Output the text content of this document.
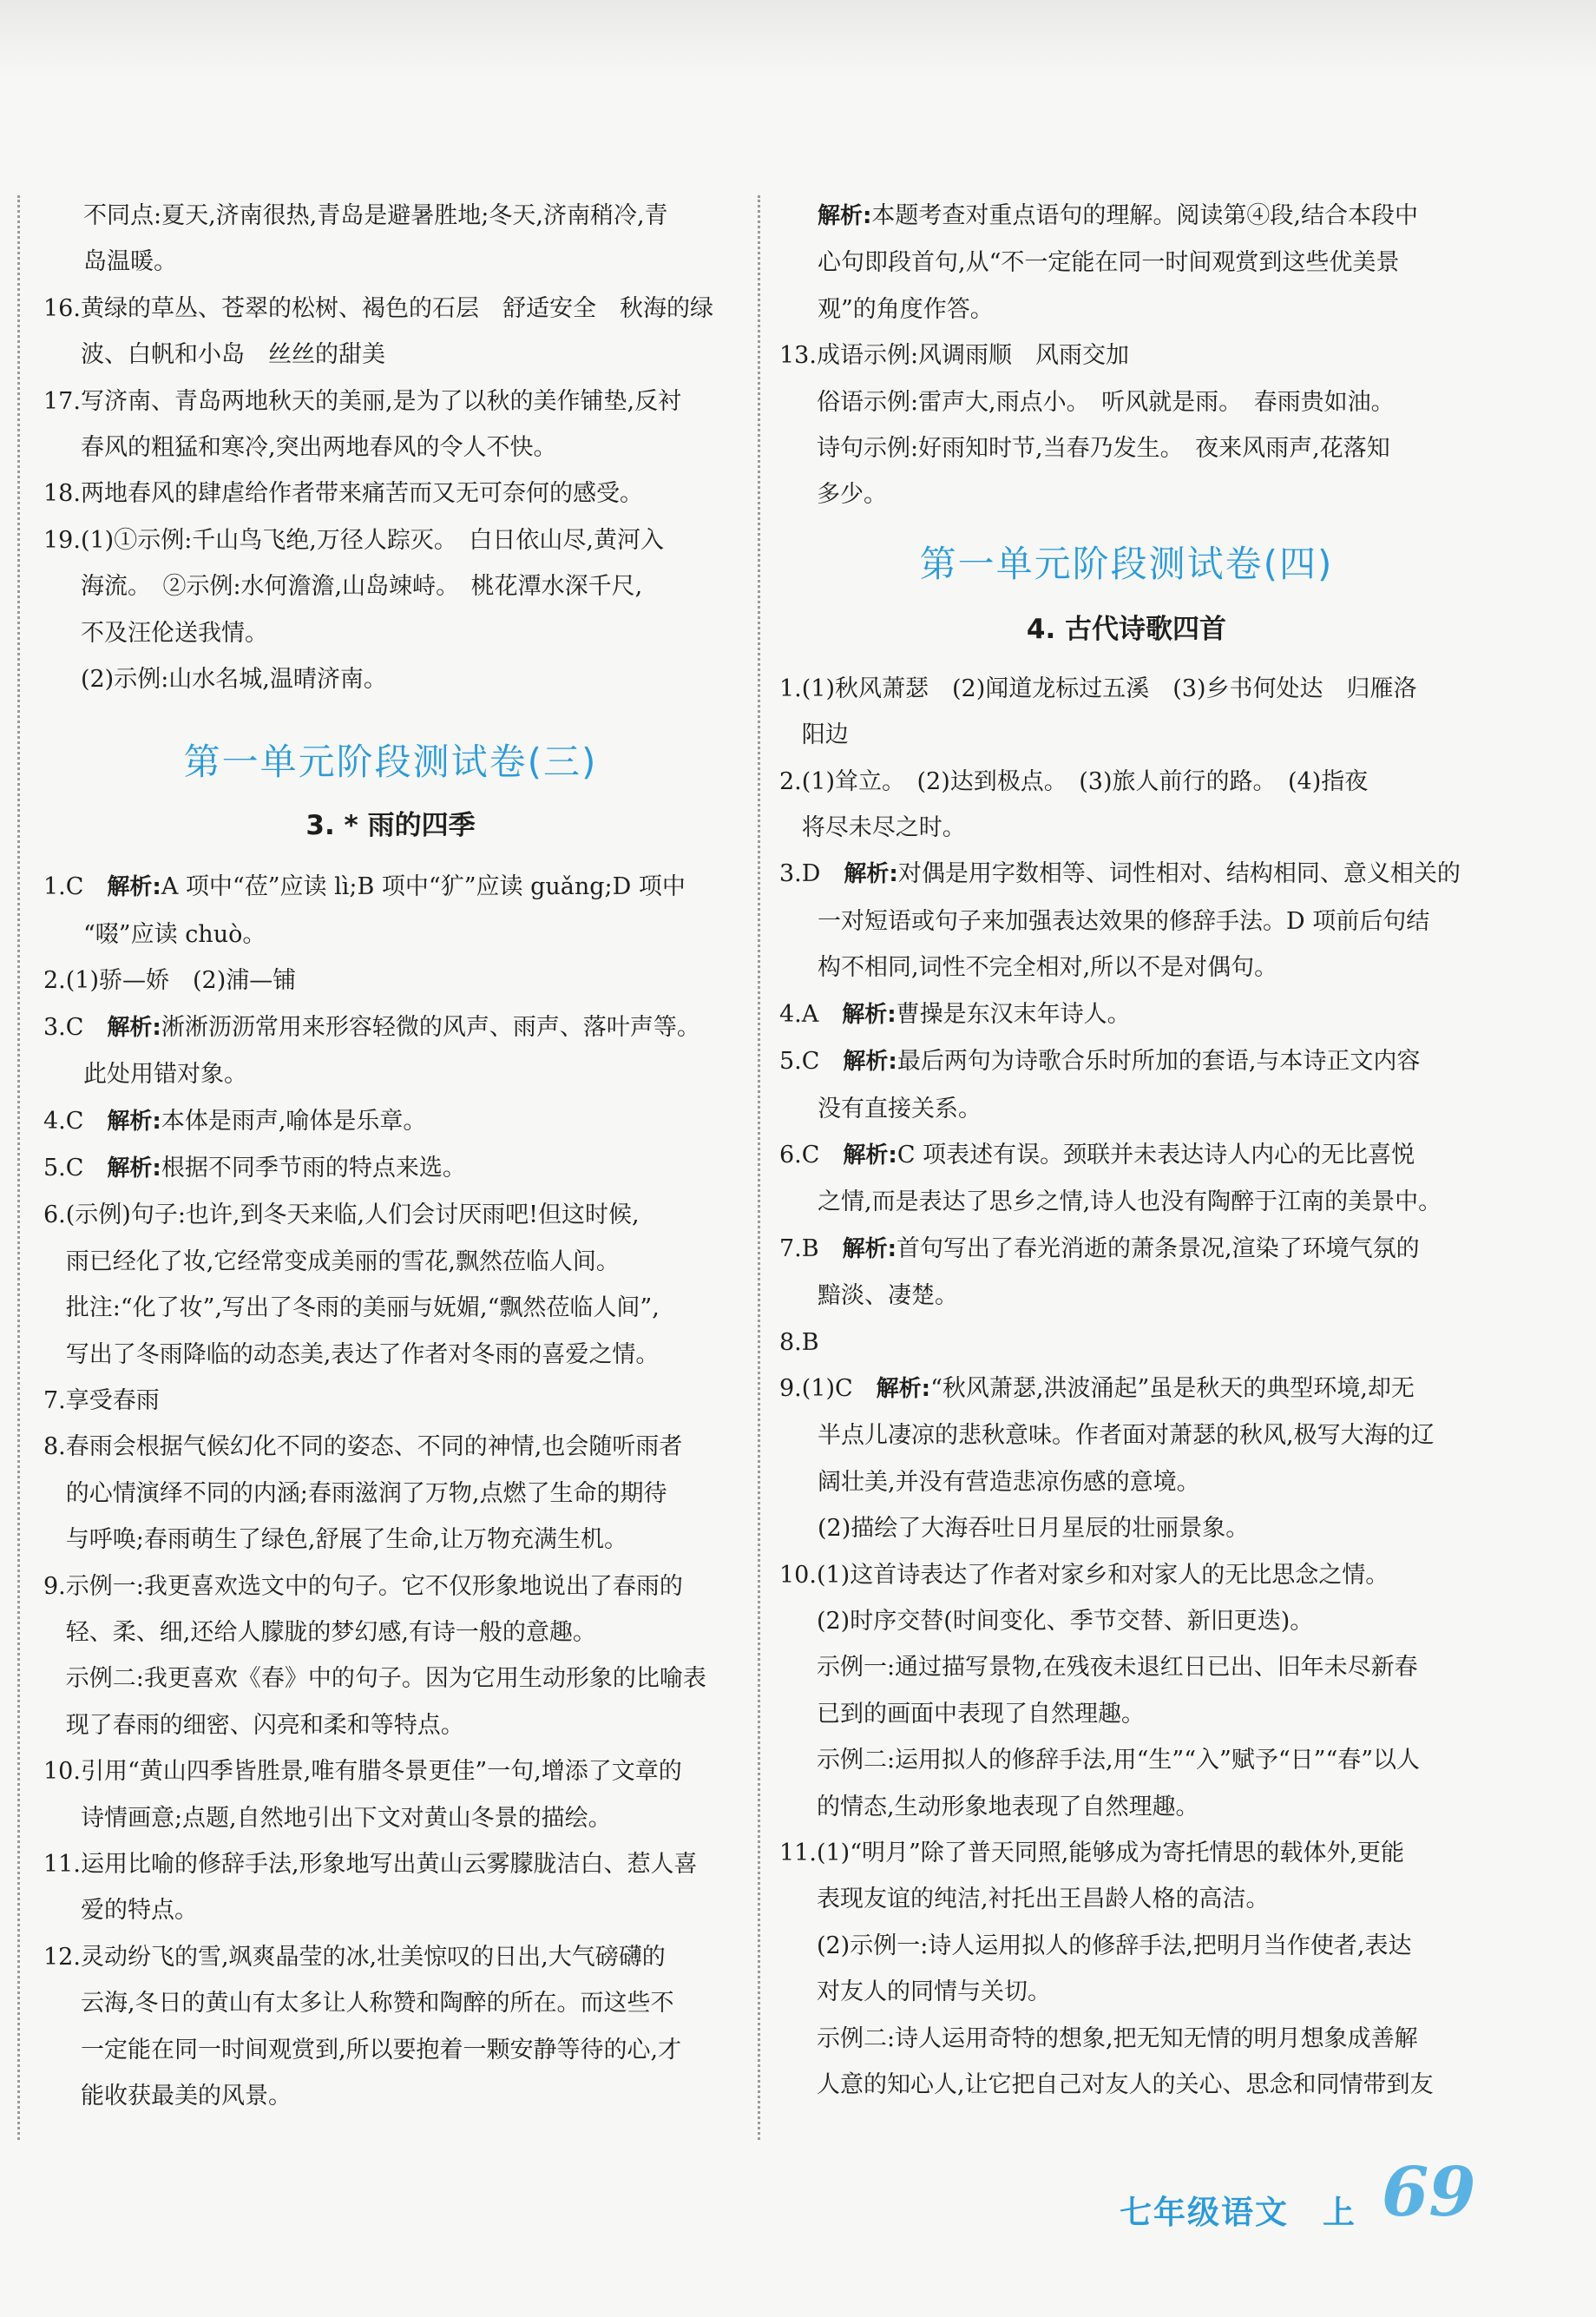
不同点:夏天,济南很热,青岛是避暑胜地;冬天,济南稍冷,青

岛温暖。

16. 黄绿的草丛、苍翠的松树、褐色的石层　舒适安全　秋海的绿
波、白帆和小岛　丝丝的甜美
17. 写济南、青岛两地秋天的美丽,是为了以秋的美作铺垫,反衬
春风的粗猛和寒冷,突出两地春风的令人不快。
18. 两地春风的肆虐给作者带来痛苦而又无可奈何的感受。
19. (1)①示例:千山鸟飞绝,万径人踪灭。　白日依山尽,黄河入
海流。　②示例:水何澹澹,山岛竦峙。　桃花潭水深千尺,
不及汪伦送我情。
(2)示例:山水名城,温晴济南。
第一单元阶段测试卷(三)
3. * 雨的四季
1.C　 解析: A 项中“莅”应读 lì;B 项中“犷”应读 guǎng;D 项中
“啜”应读 chuò。
2. (1)骄—娇　(2)浦—铺
3.C　 解析: 淅淅沥沥常用来形容轻微的风声、雨声、落叶声等。
此处用错对象。
4.C　 解析: 本体是雨声,喻体是乐章。
5.C　 解析: 根据不同季节雨的特点来选。
6. (示例)句子:也许,到冬天来临,人们会讨厌雨吧!但这时候,
雨已经化了妆,它经常变成美丽的雪花,飘然莅临人间。
批注:“化了妆”,写出了冬雨的美丽与妩媚,“飘然莅临人间”,
写出了冬雨降临的动态美,表达了作者对冬雨的喜爱之情。
7. 享受春雨
8. 春雨会根据气候幻化不同的姿态、不同的神情,也会随听雨者
的心情演绎不同的内涵;春雨滋润了万物,点燃了生命的期待
与呼唤;春雨萌生了绿色,舒展了生命,让万物充满生机。
9. 示例一:我更喜欢选文中的句子。它不仅形象地说出了春雨的
轻、柔、细,还给人朦胧的梦幻感,有诗一般的意趣。
示例二:我更喜欢《春》中的句子。因为它用生动形象的比喻表
现了春雨的细密、闪亮和柔和等特点。
10. 引用“黄山四季皆胜景,唯有腊冬景更佳”一句,增添了文章的
诗情画意;点题,自然地引出下文对黄山冬景的描绘。
11. 运用比喻的修辞手法,形象地写出黄山云雾朦胧洁白、惹人喜
爱的特点。
12. 灵动纷飞的雪,飒爽晶莹的冰,壮美惊叹的日出,大气磅礴的
云海,冬日的黄山有太多让人称赞和陶醉的所在。而这些不
一定能在同一时间观赏到,所以要抱着一颗安静等待的心,才
能收获最美的风景。
解析:本题考查对重点语句的理解。阅读第④段,结合本段中
心句即段首句,从“不一定能在同一时间观赏到这些优美景
观”的角度作答。
13. 成语示例:风调雨顺　风雨交加
俗语示例:雷声大,雨点小。　听风就是雨。　春雨贵如油。
诗句示例:好雨知时节,当春乃发生。　夜来风雨声,花落知
多少。
第一单元阶段测试卷(四)
4. 古代诗歌四首
1. (1)秋风萧瑟　(2)闻道龙标过五溪　(3)乡书何处达　归雁洛
阳边
2. (1)耸立。　(2)达到极点。　(3)旅人前行的路。　(4)指夜
将尽未尽之时。
3.D　 解析: 对偶是用字数相等、词性相对、结构相同、意义相关的
一对短语或句子来加强表达效果的修辞手法。D 项前后句结
构不相同,词性不完全相对,所以不是对偶句。
4.A　 解析: 曹操是东汉末年诗人。
5.C　 解析: 最后两句为诗歌合乐时所加的套语,与本诗正文内容
没有直接关系。
6.C　 解析: C 项表述有误。颈联并未表达诗人内心的无比喜悦
之情,而是表达了思乡之情,诗人也没有陶醉于江南的美景中。
7.B　 解析: 首句写出了春光消逝的萧条景况,渲染了环境气氛的
黯淡、凄楚。
8.B
9.(1)C　 解析: “秋风萧瑟,洪波涌起”虽是秋天的典型环境,却无
半点儿凄凉的悲秋意味。作者面对萧瑟的秋风,极写大海的辽
阔壮美,并没有营造悲凉伤感的意境。
(2)描绘了大海吞吐日月星辰的壮丽景象。
10. (1)这首诗表达了作者对家乡和对家人的无比思念之情。
(2)时序交替(时间变化、季节交替、新旧更迭)。
示例一:通过描写景物,在残夜未退红日已出、旧年未尽新春
已到的画面中表现了自然理趣。
示例二:运用拟人的修辞手法,用“生”“入”赋予“日”“春”以人
的情态,生动形象地表现了自然理趣。
11. (1)“明月”除了普天同照,能够成为寄托情思的载体外,更能
表现友谊的纯洁,衬托出王昌龄人格的高洁。
(2)示例一:诗人运用拟人的修辞手法,把明月当作使者,表达
对友人的同情与关切。
示例二:诗人运用奇特的想象,把无知无情的明月想象成善解
人意的知心人,让它把自己对友人的关心、思念和同情带到友
七年级语文　上 69
